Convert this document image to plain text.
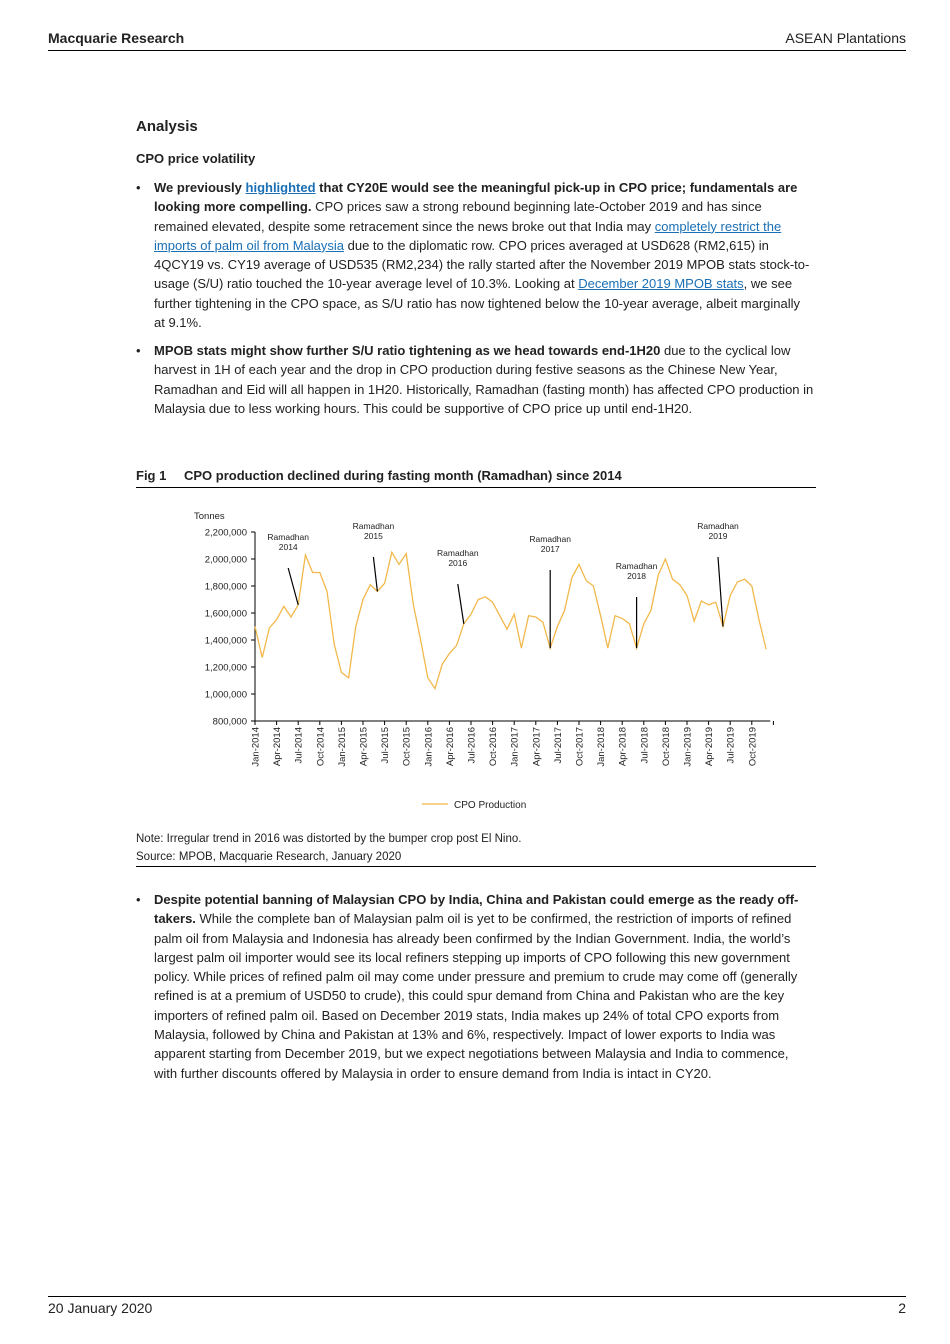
Macquarie Research	ASEAN Plantations
Analysis
CPO price volatility
• We previously highlighted that CY20E would see the meaningful pick-up in CPO price; fundamentals are looking more compelling. CPO prices saw a strong rebound beginning late-October 2019 and has since remained elevated, despite some retracement since the news broke out that India may completely restrict the imports of palm oil from Malaysia due to the diplomatic row. CPO prices averaged at USD628 (RM2,615) in 4QCY19 vs. CY19 average of USD535 (RM2,234) the rally started after the November 2019 MPOB stats stock-to-usage (S/U) ratio touched the 10-year average level of 10.3%. Looking at December 2019 MPOB stats, we see further tightening in the CPO space, as S/U ratio has now tightened below the 10-year average, albeit marginally at 9.1%.
• MPOB stats might show further S/U ratio tightening as we head towards end-1H20 due to the cyclical low harvest in 1H of each year and the drop in CPO production during festive seasons as the Chinese New Year, Ramadhan and Eid will all happen in 1H20. Historically, Ramadhan (fasting month) has affected CPO production in Malaysia due to less working hours. This could be supportive of CPO price up until end-1H20.
Fig 1 CPO production declined during fasting month (Ramadhan) since 2014
Tonnes
2,200,000
2,000,000
1,800,000
1,600,000
1,400,000
1,200,000
1,000,000
800,000
Jan-2014 Apr-2014 Jul-2014 Oct-2014 Jan-2015 Apr-2015 Jul-2015 Oct-2015 Jan-2016 Apr-2016 Jul-2016 Oct-2016 Jan-2017 Apr-2017 Jul-2017 Oct-2017 Jan-2018 Apr-2018 Jul-2018 Oct-2018 Jan-2019 Apr-2019 Jul-2019 Oct-2019
Ramadhan
2014
Ramadhan
2015
Ramadhan
2016
Ramadhan
2017
Ramadhan
2018
Ramadhan
2019
CPO Production
Note: Irregular trend in 2016 was distorted by the bumper crop post El Nino.
Source: MPOB, Macquarie Research, January 2020
• Despite potential banning of Malaysian CPO by India, China and Pakistan could emerge as the ready off-takers. While the complete ban of Malaysian palm oil is yet to be confirmed, the restriction of imports of refined palm oil from Malaysia and Indonesia has already been confirmed by the Indian Government. India, the world’s largest palm oil importer would see its local refiners stepping up imports of CPO following this new government policy. While prices of refined palm oil may come under pressure and premium to crude may come off (generally refined is at a premium of USD50 to crude), this could spur demand from China and Pakistan who are the key importers of refined palm oil. Based on December 2019 stats, India makes up 24% of total CPO exports from Malaysia, followed by China and Pakistan at 13% and 6%, respectively. Impact of lower exports to India was apparent starting from December 2019, but we expect negotiations between Malaysia and India to commence, with further discounts offered by Malaysia in order to ensure demand from India is intact in CY20.
20 January 2020	2
